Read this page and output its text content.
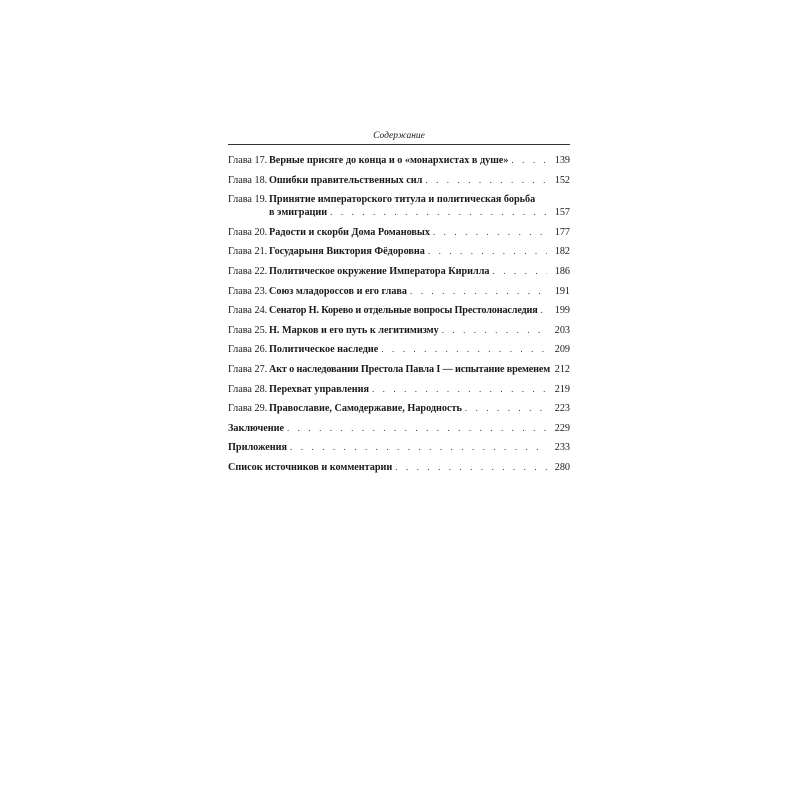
Содержание
Глава 17. Верные присяге до конца и о «монархистах в душе» . . .	139
Глава 18. Ошибки правительственных сил . . .	152
Глава 19. Принятие императорского титула и политическая борьба
в эмиграции . . .	157
Глава 20. Радости и скорби Дома Романовых . . .	177
Глава 21. Государыня Виктория Фёдоровна . . .	182
Глава 22. Политическое окружение Императора Кирилла . . .	186
Глава 23. Союз младороссов и его глава . . .	191
Глава 24. Сенатор Н. Корево и отдельные вопросы Престолонаследия . . .	199
Глава 25. Н. Марков и его путь к легитимизму . . .	203
Глава 26. Политическое наследие . . .	209
Глава 27. Акт о наследовании Престола Павла I — испытание временем 212
Глава 28. Перехват управления . . .	219
Глава 29. Православие, Самодержавие, Народность . . .	223
Заключение . . .	229
Приложения . . .	233
Список источников и комментарии . . .	280
